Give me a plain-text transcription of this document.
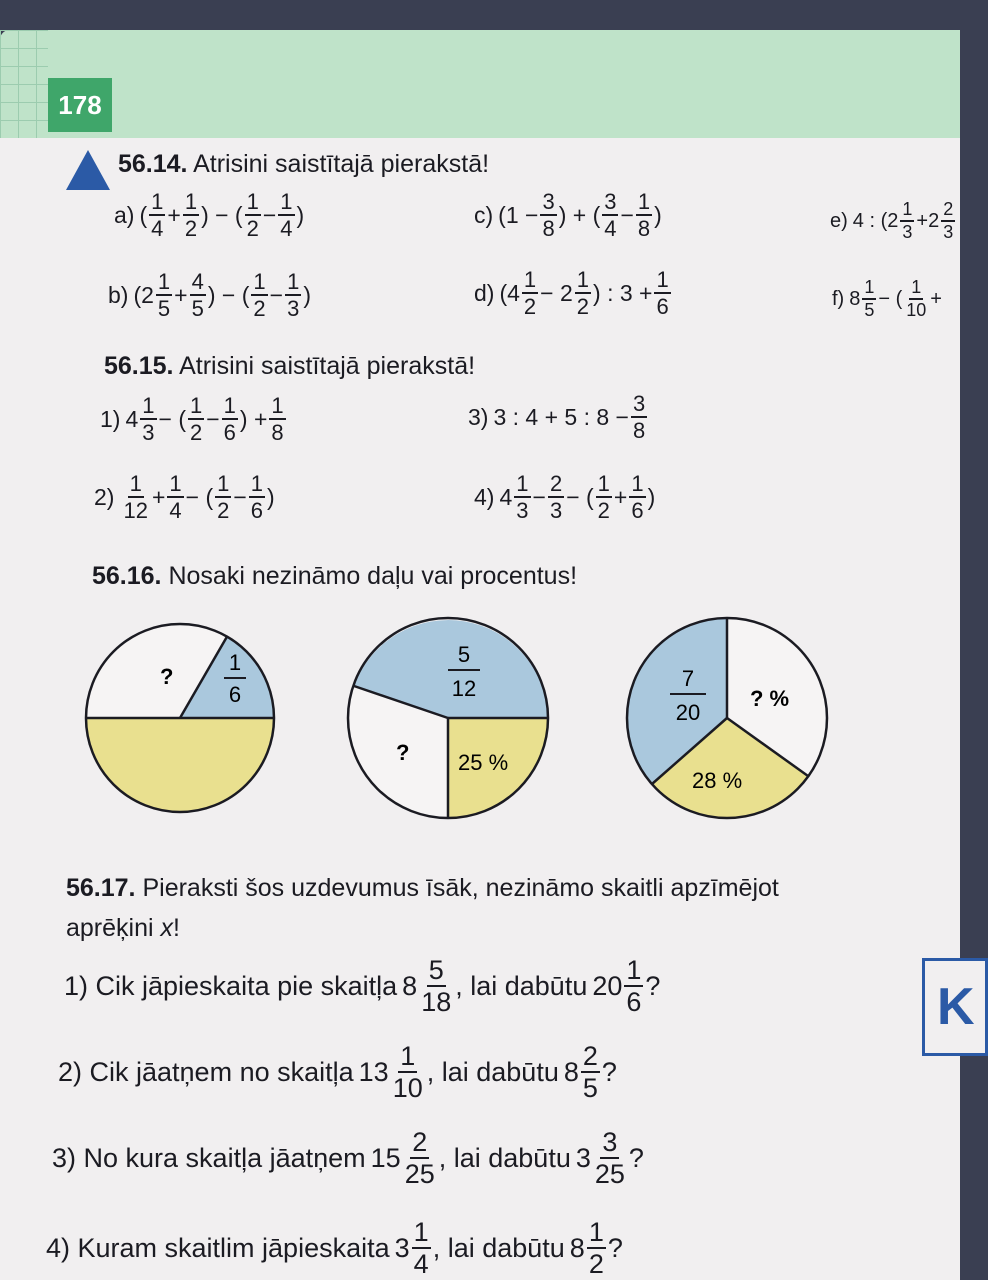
178
56.14. Atrisini saistītajā pierakstā!
a) ( $\frac{1}{4} + \frac{1}{2}$ ) − ( $\frac{1}{2} - \frac{1}{4}$ )	c) ($1 - \frac{3}{8}$ ) + ( $\frac{3}{4} - \frac{1}{8}$ )	e) 4 : ($2 \frac{1}{3} +2 \frac{2}{3}$
b) ($2 \frac{1}{5} + \frac{4}{5}$ ) − ( $\frac{1}{2} - \frac{1}{3}$ )	d) ($4 \frac{1}{2} - 2 \frac{1}{2}$ ) : $3 + \frac{1}{6}$	f) $8 \frac{1}{5}$ − ( $\frac{1}{10}$ +
56.15. Atrisini saistītajā pierakstā!
1) $4 \frac{1}{3}$ − ( $\frac{1}{2} - \frac{1}{6}$ ) + $\frac{1}{8}$	3) 3 : 4 + 5 : $8 - \frac{3}{8}$
$2) \frac{1}{12} + \frac{1}{4}$ − ( $\frac{1}{2} - \frac{1}{6}$ )	4) $4 \frac{1}{3} - \frac{2}{3}$ − ( $\frac{1}{2} + \frac{1}{6}$ )
56.16. Nosaki nezināmo daļu vai procentus!
?
1
6
5
12
? 25 %
7
20
? %
28 %
56.17. Pieraksti šos uzdevumus īsāk, nezināmo skaitli apzīmējot
aprēķini x!
1) Cik jāpieskaita pie skaitļa $8 \frac{5}{18}$ , lai dabūtu $20 \frac{1}{6}$ ?
2) Cik jāatņem no skaitļa $13 \frac{1}{10}$ , lai dabūtu $8 \frac{2}{5}$ ?
3) No kura skaitļa jāatņem $15 \frac{2}{25}$ , lai dabūtu $3 \frac{3}{25}$ ?
4) Kuram skaitlim jāpieskaita $3 \frac{1}{4}$ , lai dabūtu $8 \frac{1}{2}$ ?
K
